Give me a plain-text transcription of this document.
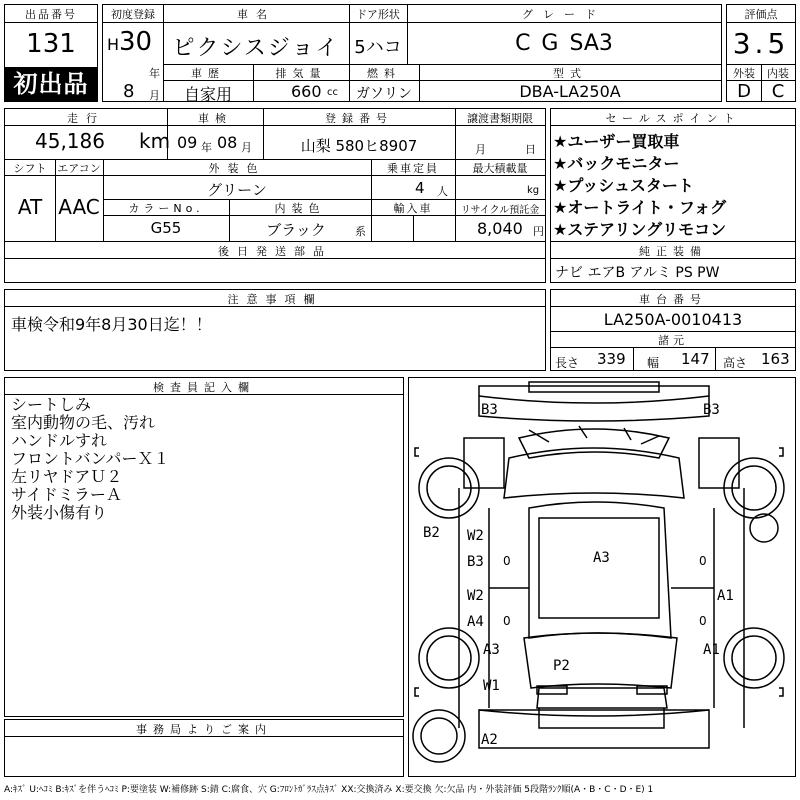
出品番号
131
初出品
初度登録
H 30
年
8 月
車名
ピクシスジョイ
ドア形状
5ハコ
グレード
C G SA3
車歴
自家用
排気量
660 cc
燃料
ガソリン
型式
DBA-LA250A
評価点
3.5
外装	内装
D	C
走行
45,186 km
車検
09 年 08 月
登録番号
山梨 580ヒ8907
譲渡書類期限
月	日
シフト
AT
エアコン
AAC
外装色
グリーン
乗車定員
4 人
最大積載量
kg
カラーNo.
G55
内装色
ブラック	系
輸入車	リサイクル預託金
8,040 円
後日発送部品
セールスポイント
★ユーザー買取車
★バックモニター
★プッシュスタート
★オートライト・フォグ
★ステアリングリモコン
純正装備
ナビ エアB アルミ PS PW
注意事項欄
車検令和9年8月30日迄！！
車台番号
LA250A-0010413
諸元
長さ 339 幅 147 高さ 163
検査員記入欄
シートしみ
室内動物の毛、汚れ
ハンドルすれ
フロントバンパーＸ１
左リヤドアＵ２
サイドミラーＡ
外装小傷有り
事務局よりご案内
B3	B3
B2 W2
B3 0
W2
A4 0
A3	0
0
A1
A3	A1
P2
W1
A2
A:ｷｽﾞ U:ﾍｺﾐ B:ｷｽﾞを伴うﾍｺﾐ P:要塗装 W:補修跡 S:錆 C:腐食、穴 G:ﾌﾛﾝﾄｶﾞﾗｽ点ｷｽﾞ XX:交換済み X:要交換 欠:欠品 内・外装評価 5段階ﾗﾝｸ順(A・B・C・D・E) 1
